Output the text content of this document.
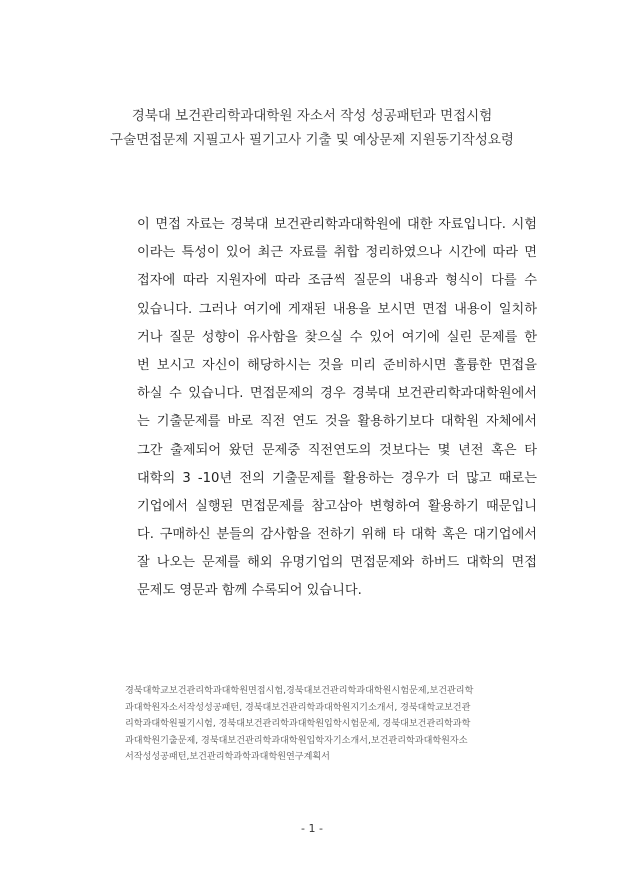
경북대 보건관리학과대학원 자소서 작성 성공패턴과 면접시험
구술면접문제 지필고사 필기고사 기출 및 예상문제 지원동기작성요령
이 면접 자료는 경북대 보건관리학과대학원에 대한 자료입니다. 시험
이라는 특성이 있어 최근 자료를 취합 정리하였으나 시간에 따라 면
접자에 따라 지원자에 따라 조금씩 질문의 내용과 형식이 다를 수
있습니다. 그러나 여기에 게재된 내용을 보시면 면접 내용이 일치하
거나 질문 성향이 유사함을 찾으실 수 있어 여기에 실린 문제를 한
번 보시고 자신이 해당하시는 것을 미리 준비하시면 훌륭한 면접을
하실 수 있습니다. 면접문제의 경우 경북대 보건관리학과대학원에서
는 기출문제를 바로 직전 연도 것을 활용하기보다 대학원 자체에서
그간 출제되어 왔던 문제중 직전연도의 것보다는 몇 년전 혹은 타
대학의 3 -10년 전의 기출문제를 활용하는 경우가 더 많고 때로는
기업에서 실행된 면접문제를 참고삼아 변형하여 활용하기 때문입니
다. 구매하신 분들의 감사함을 전하기 위해 타 대학 혹은 대기업에서
잘 나오는 문제를 해외 유명기업의 면접문제와 하버드 대학의 면접
문제도 영문과 함께 수록되어 있습니다.
경북대학교보건관리학과대학원면접시험,경북대보건관리학과대학원시험문제,보건관리학
과대학원자소서작성성공패턴, 경북대보건관리학과대학원지기소개서, 경북대학교보건관
리학과대학원필기시험, 경북대보건관리학과대학원입학시험문제, 경북대보건관리학과학
과대학원기출문제, 경북대보건관리학과대학원입학자기소개서,보건관리학과대학원자소
서작성성공패턴,보건관리학과학과대학원연구계획서
- 1 -
